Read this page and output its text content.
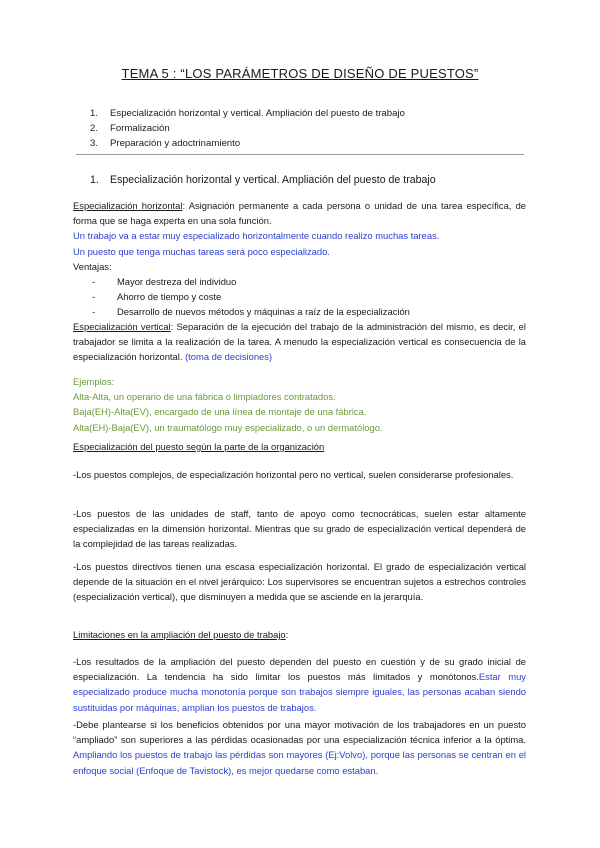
TEMA 5 : “LOS PARÁMETROS DE DISEÑO DE PUESTOS”
1. Especialización horizontal y vertical. Ampliación del puesto de trabajo
2. Formalización
3. Preparación y adoctrinamiento
1. Especialización horizontal y vertical. Ampliación del puesto de trabajo
Especialización horizontal: Asignación permanente a cada persona o unidad de una tarea específica, de forma que se haga experta en una sola función.
Un trabajo va a estar muy especializado horizontalmente cuando realizo muchas tareas.
Un puesto que tenga muchas tareas será poco especializado.
Ventajas:
- Mayor destreza del individuo
- Ahorro de tiempo y coste
- Desarrollo de nuevos métodos y máquinas a raíz de la especialización
Especialización vertical: Separación de la ejecución del trabajo de la administración del mismo, es decir, el trabajador se limita a la realización de la tarea. A menudo la especialización vertical es consecuencia de la especialización horizontal. (toma de decisiones)
Ejemplos:
Alta-Alta, un operario de una fábrica o limpiadores contratados.
Baja(EH)-Alta(EV), encargado de una línea de montaje de una fábrica.
Alta(EH)-Baja(EV), un traumatólogo muy especializado, o un dermatólogo.
Especialización del puesto según la parte de la organización
-Los puestos complejos, de especialización horizontal pero no vertical, suelen considerarse profesionales.
-Los puestos de las unidades de staff, tanto de apoyo como tecnocráticas, suelen estar altamente especializadas en la dimensión horizontal. Mientras que su grado de especialización vertical dependerá de la complejidad de las tareas realizadas.
-Los puestos directivos tienen una escasa especialización horizontal. El grado de especialización vertical depende de la situación en el nivel jerárquico: Los supervisores se encuentran sujetos a estrechos controles (especialización vertical), que disminuyen a medida que se asciende en la jerarquía.
Limitaciones en la ampliación del puesto de trabajo:
-Los resultados de la ampliación del puesto dependen del puesto en cuestión y de su grado inicial de especialización. La tendencia ha sido limitar los puestos más limitados y monótonos.Estar muy especializado produce mucha monotonía porque son trabajos siempre iguales, las personas acaban siendo sustituidas por máquinas, amplian los puestos de trabajos.
-Debe plantearse si los beneficios obtenidos por una mayor motivación de los trabajadores en un puesto “ampliado” son superiores a las pérdidas ocasionadas por una especialización técnica inferior a la óptima. Ampliando los puestos de trabajo las pérdidas son mayores (Ej:Volvo), porque las personas se centran en el enfoque social (Enfoque de Tavistock), es mejor quedarse como estaban.
